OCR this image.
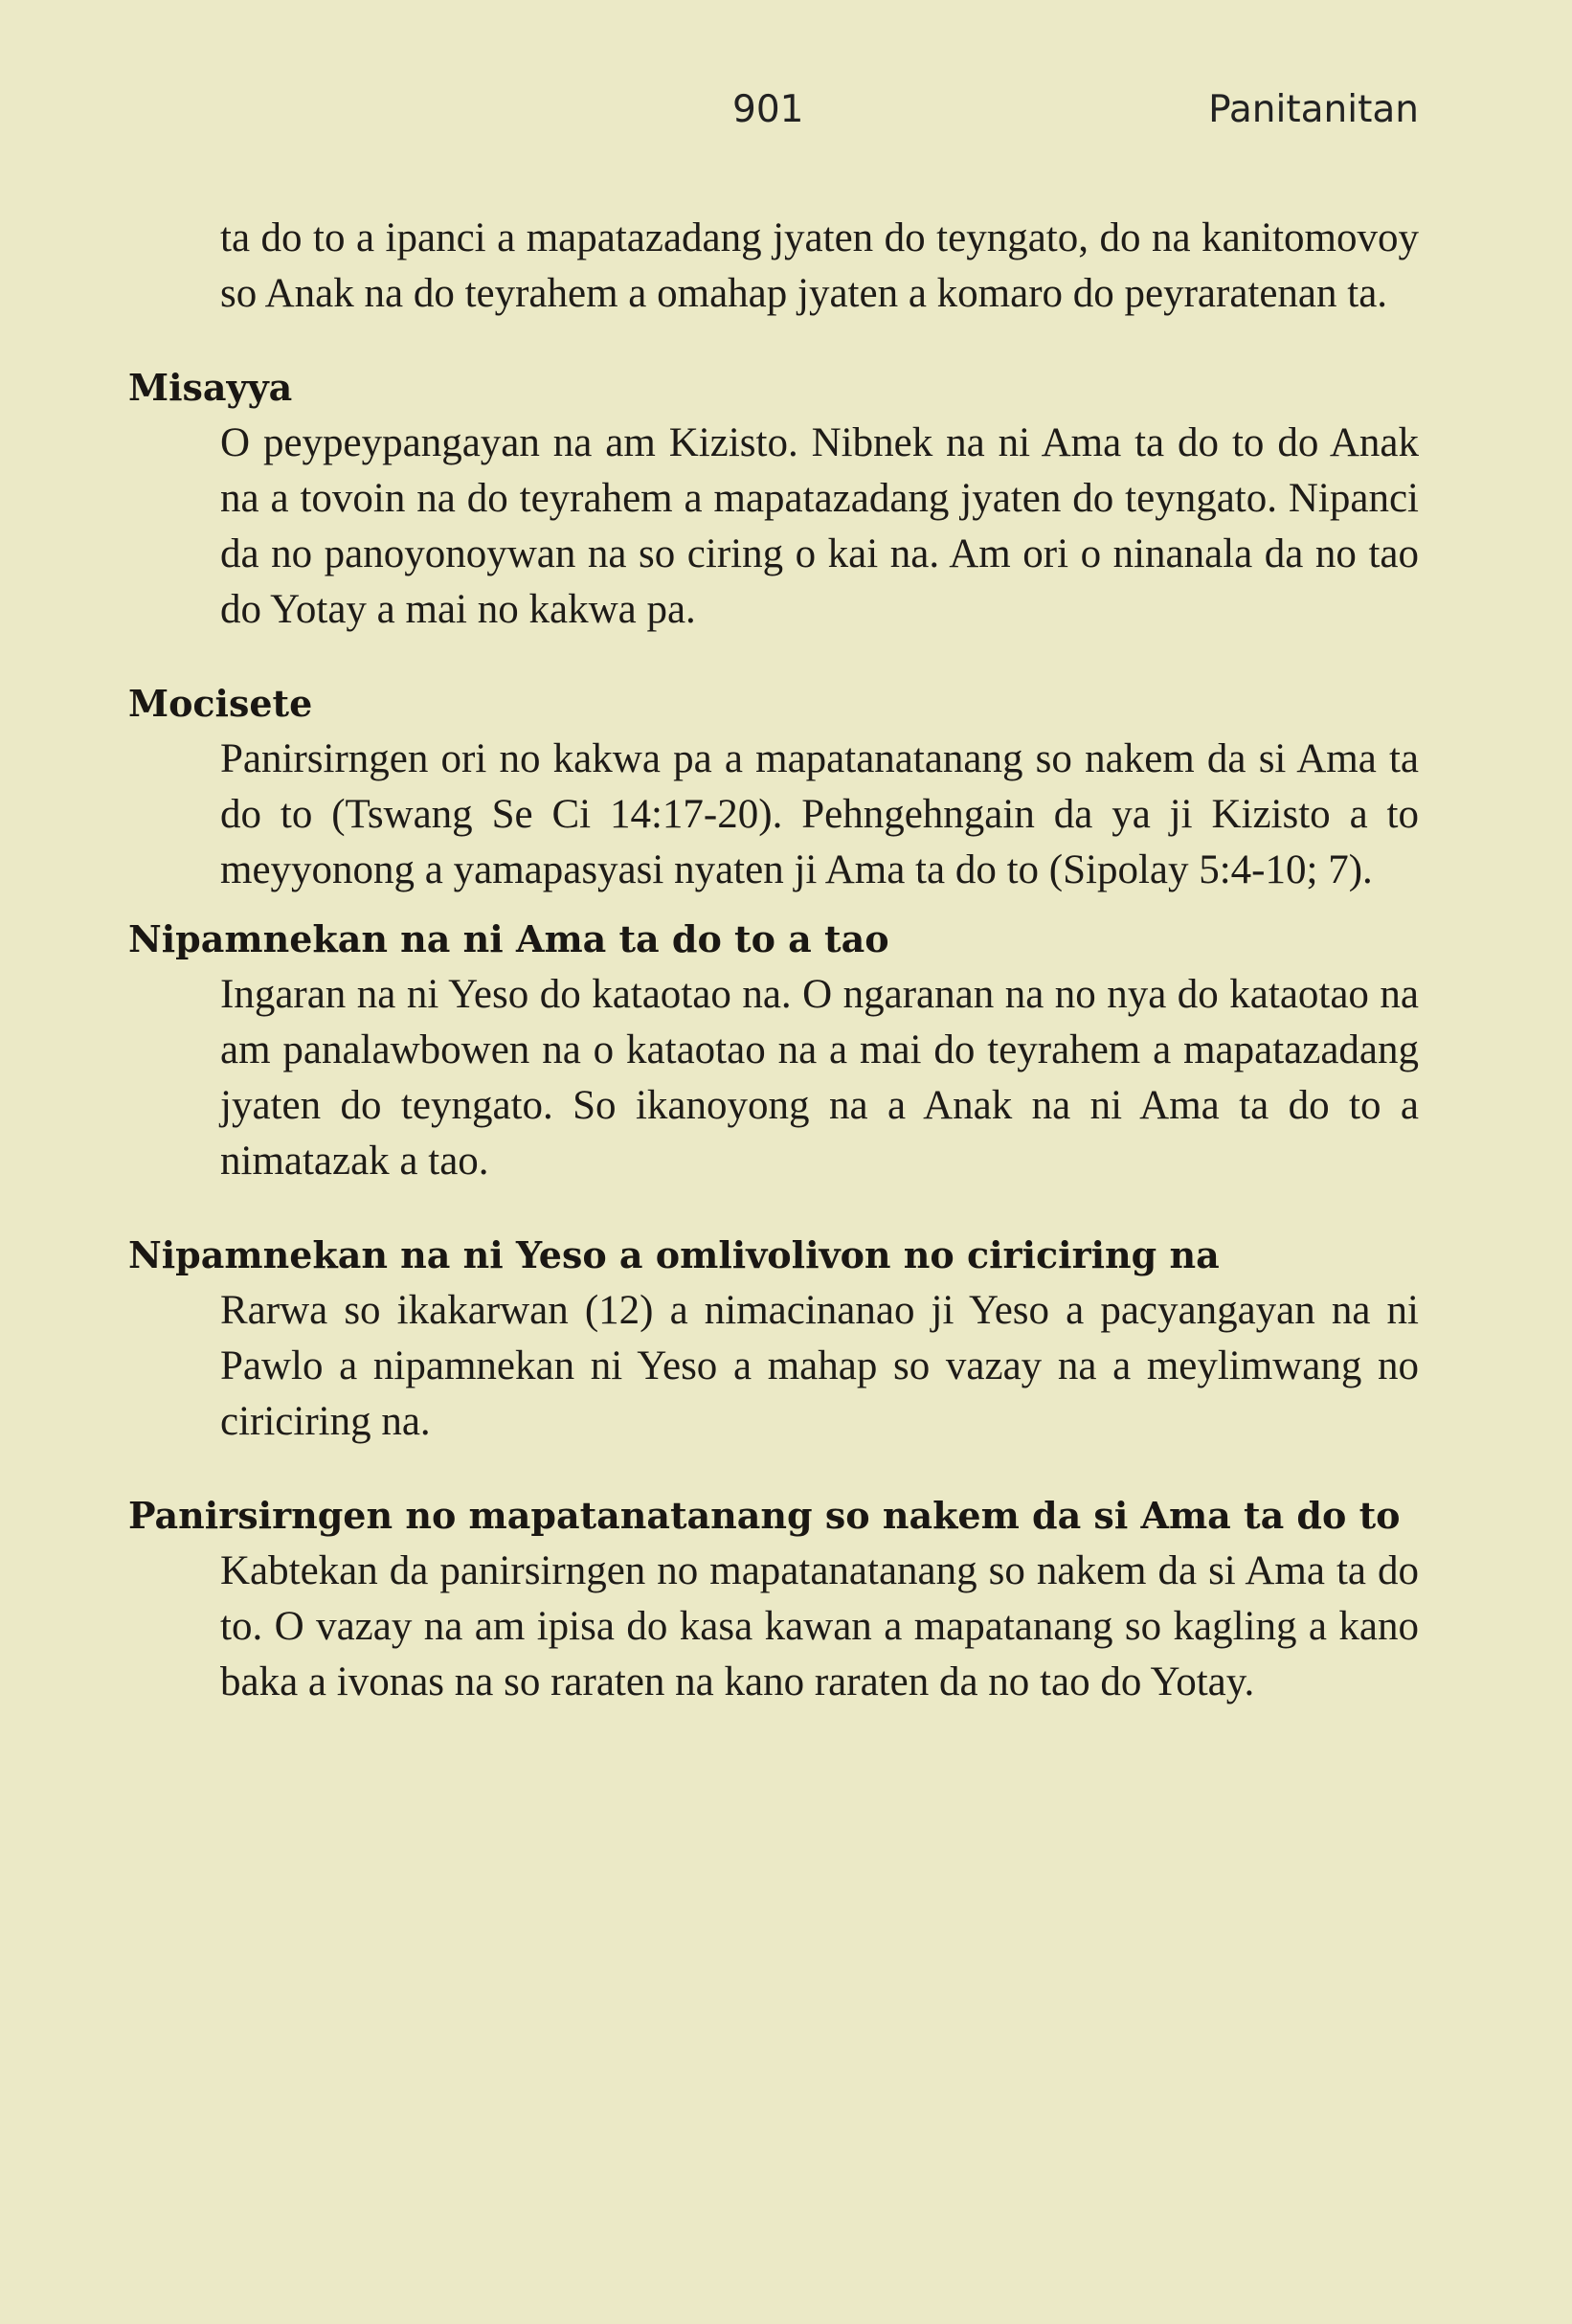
901	Panitanitan

ta do to a ipanci a mapatazadang jyaten do teyngato, do na kanitomovoy so Anak na do teyrahem a omahap jyaten a komaro do peyraratenan ta.

Misayya

O peypeypangayan na am Kizisto. Nibnek na ni Ama ta do to do Anak na a tovoin na do teyrahem a mapatazadang jyaten do teyngato. Nipanci da no panoyonoywan na so ciring o kai na. Am ori o ninanala da no tao do Yotay a mai no kakwa pa.

Mocisete

Panirsirngen ori no kakwa pa a mapatanatanang so nakem da si Ama ta do to (Tswang Se Ci 14:17-20). Pehngehngain da ya ji Kizisto a to meyyonong a yamapasyasi nyaten ji Ama ta do to (Sipolay 5:4-10; 7).

Nipamnekan na ni Ama ta do to a tao

Ingaran na ni Yeso do kataotao na. O ngaranan na no nya do kataotao na am panalawbowen na o kataotao na a mai do teyrahem a mapatazadang jyaten do teyngato. So ikanoyong na a Anak na ni Ama ta do to a nimatazak a tao.

Nipamnekan na ni Yeso a omlivolivon no ciriciring na

Rarwa so ikakarwan (12) a nimacinanao ji Yeso a pacyangayan na ni Pawlo a nipamnekan ni Yeso a mahap so vazay na a meylimwang no ciriciring na.

Panirsirngen no mapatanatanang so nakem da si Ama ta do to

Kabtekan da panirsirngen no mapatanatanang so nakem da si Ama ta do to. O vazay na am ipisa do kasa kawan a mapatanang so kagling a kano baka a ivonas na so raraten na kano raraten da no tao do Yotay.
